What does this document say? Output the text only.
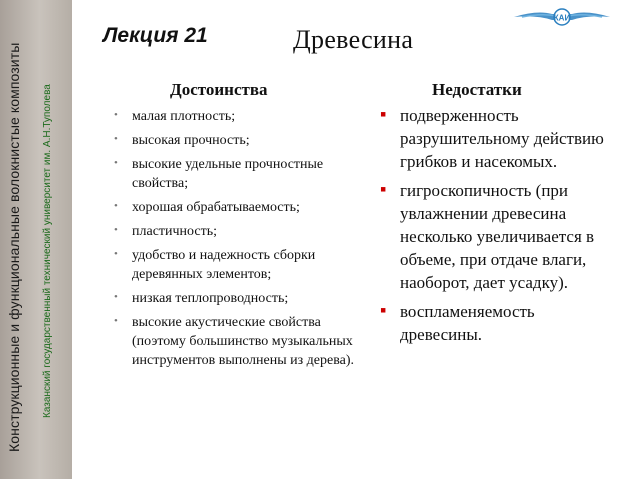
Конструкционные и функциональные волокнистые композиты Казанский государственный технический университет им. А.Н.Туполева
Лекция 21	Древесина
КАИ
Достоинства	Недостатки
• малая плотность;
• высокая прочность;
• высокие удельные прочностные свойства;
• хорошая обрабатываемость;
• пластичность;
• удобство и надежность сборки деревянных элементов;
• низкая теплопроводность;
• высокие акустические свойства (поэтому большинство музыкальных инструментов выполнены из дерева).
▪ подверженность разрушительному действию грибков и насекомых.
▪ гигроскопичность (при увлажнении древесина несколько увеличивается в объеме, при отдаче влаги, наоборот, дает усадку).
▪ воспламеняемость древесины.
